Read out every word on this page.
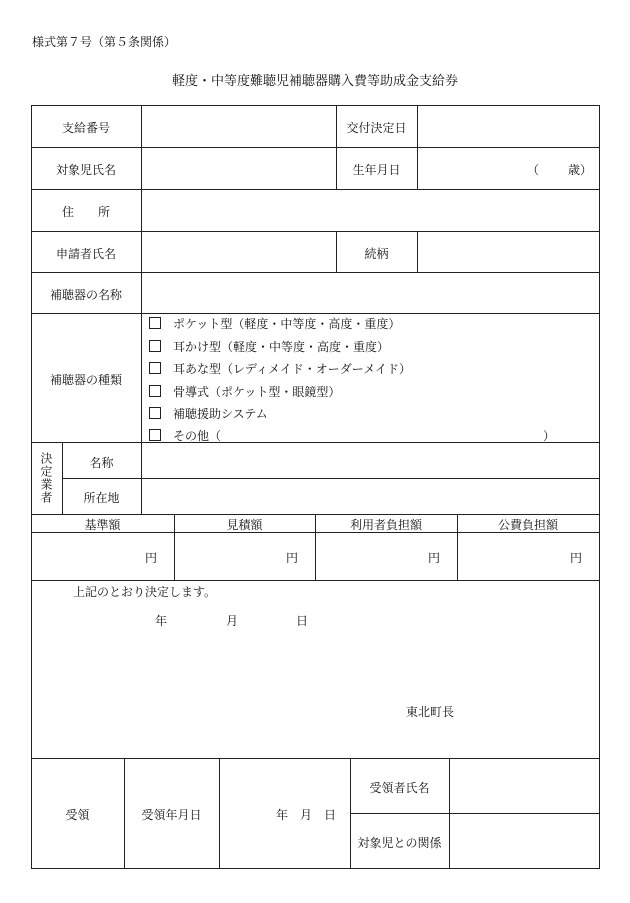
様式第７号（第５条関係）
軽度・中等度難聴児補聴器購入費等助成金支給券
支給番号	交付決定日
対象児氏名	生年月日	（ 歳）
住　　所
申請者氏名	続柄
補聴器の名称
補聴器の種類
ポケット型（軽度・中等度・高度・重度）
耳かけ型（軽度・中等度・高度・重度）
耳あな型（レディメイド・オーダーメイド）
骨導式（ポケット型・眼鏡型）
補聴援助システム
その他（	）
決定業者	名称
所在地
基準額	見積額	利用者負担額	公費負担額
円	円	円	円
上記のとおり決定します。
年	月	日
東北町長
受領	受領年月日	年 月 日
受領者氏名
対象児との関係
